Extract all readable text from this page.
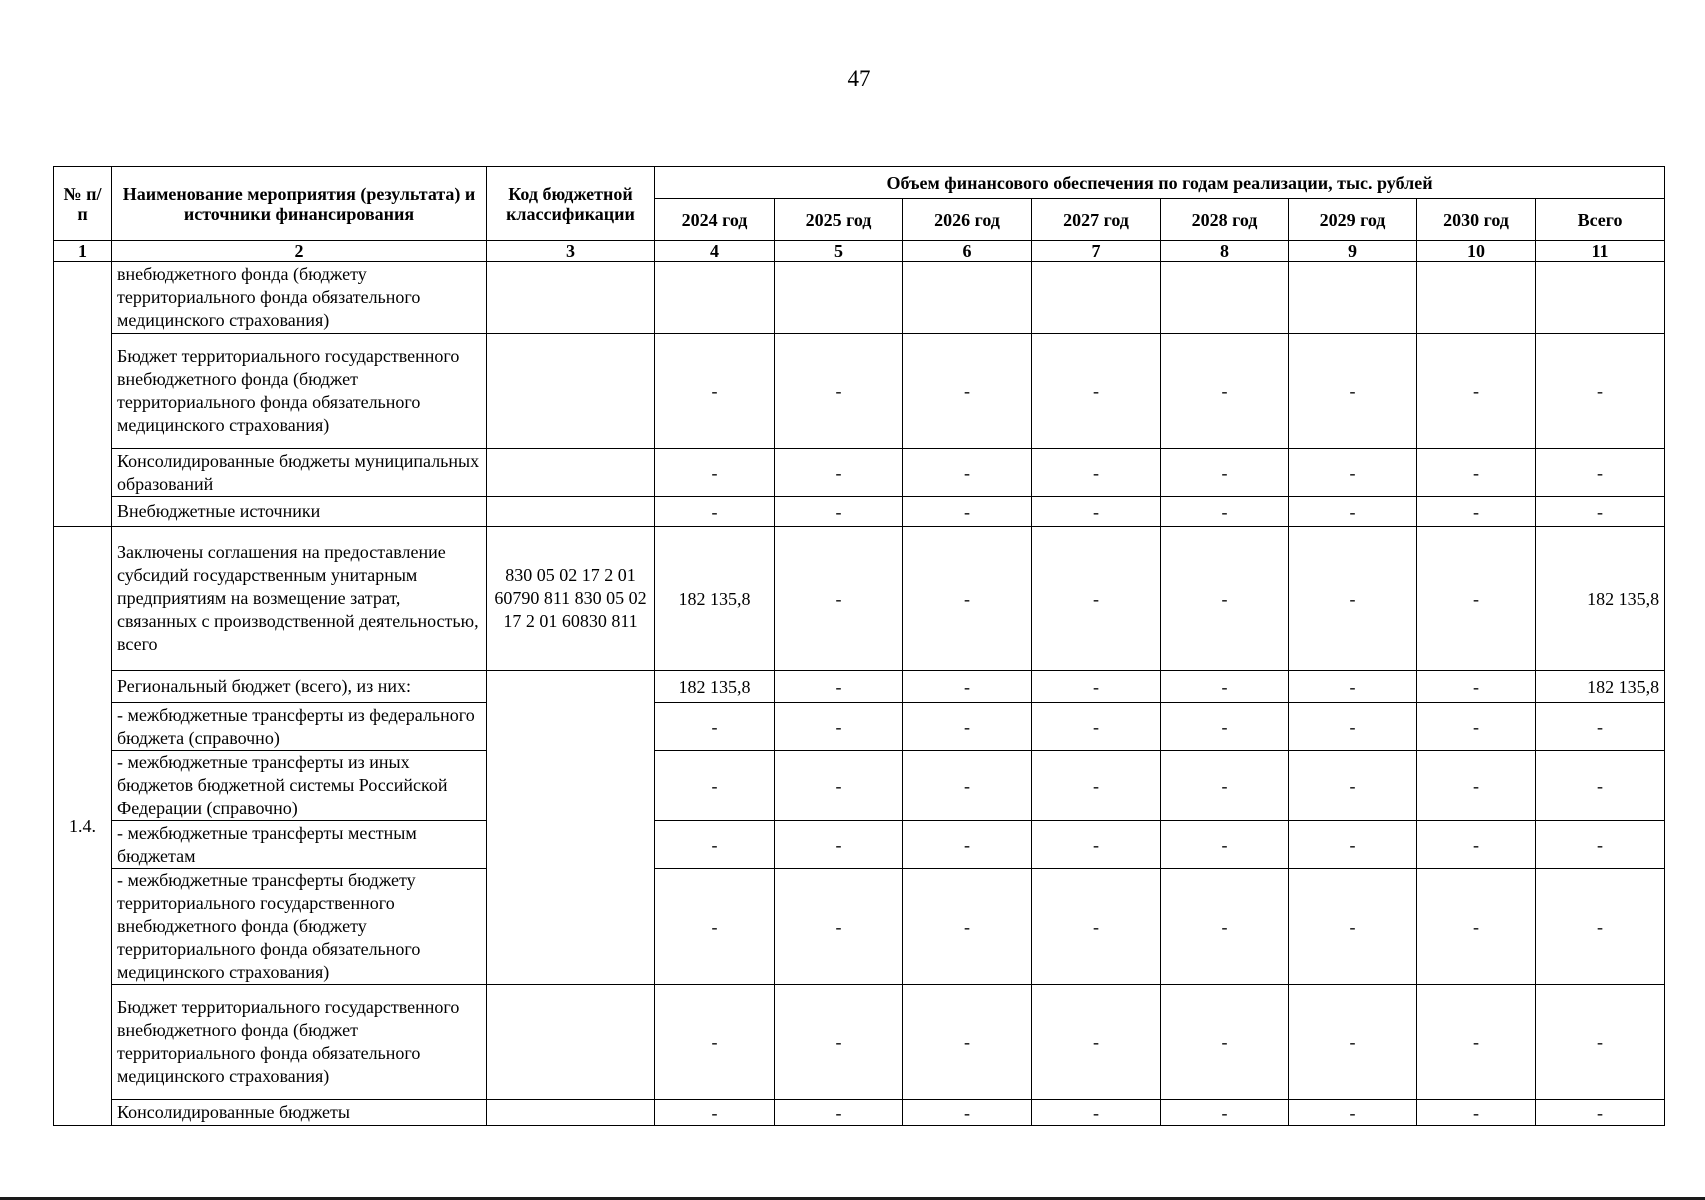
47
№ п/п	Наименование мероприятия (результата) и источники финансирования	Код бюджетной классификации	Объем финансового обеспечения по годам реализации, тыс. рублей							
			2024 год	2025 год	2026 год	2027 год	2028 год	2029 год	2030 год	Всего
1	2	3	4	5	6	7	8	9	10	11
	внебюджетного фонда (бюджету территориального фонда обязательного медицинского страхования)									
	Бюджет территориального государственного внебюджетного фонда (бюджет территориального фонда обязательного медицинского страхования)		-	-	-	-	-	-	-	-
	Консолидированные бюджеты муниципальных образований		-	-	-	-	-	-	-	-
	Внебюджетные источники		-	-	-	-	-	-	-	-
1.4.	Заключены соглашения на предоставление субсидий государственным унитарным предприятиям на возмещение затрат, связанных с производственной деятельностью, всего	830 05 02 17 2 01 60790 811 830 05 02 17 2 01 60830 811	182 135,8	-	-	-	-	-	-	182 135,8
	Региональный бюджет (всего), из них:		182 135,8	-	-	-	-	-	-	182 135,8
	- межбюджетные трансферты из федерального бюджета (справочно)		-	-	-	-	-	-	-	-
	- межбюджетные трансферты из иных бюджетов бюджетной системы Российской Федерации (справочно)		-	-	-	-	-	-	-	-
	- межбюджетные трансферты местным бюджетам		-	-	-	-	-	-	-	-
	- межбюджетные трансферты бюджету территориального государственного внебюджетного фонда (бюджету территориального фонда обязательного медицинского страхования)		-	-	-	-	-	-	-	-
	Бюджет территориального государственного внебюджетного фонда (бюджет территориального фонда обязательного медицинского страхования)		-	-	-	-	-	-	-	-
	Консолидированные бюджеты		-	-	-	-	-	-	-	-
